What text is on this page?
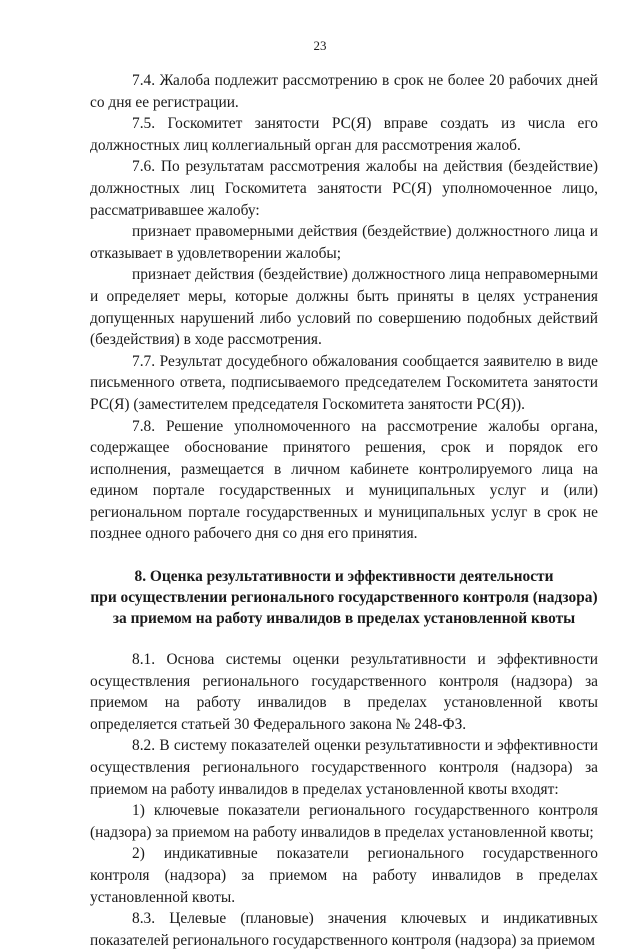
23

7.4. Жалоба подлежит рассмотрению в срок не более 20 рабочих дней со дня ее регистрации.

7.5. Госкомитет занятости РС(Я) вправе создать из числа его должностных лиц коллегиальный орган для рассмотрения жалоб.

7.6. По результатам рассмотрения жалобы на действия (бездействие) должностных лиц Госкомитета занятости РС(Я) уполномоченное лицо, рассматривавшее жалобу:

признает правомерными действия (бездействие) должностного лица и отказывает в удовлетворении жалобы;

признает действия (бездействие) должностного лица неправомерными и определяет меры, которые должны быть приняты в целях устранения допущенных нарушений либо условий по совершению подобных действий (бездействия) в ходе рассмотрения.

7.7. Результат досудебного обжалования сообщается заявителю в виде письменного ответа, подписываемого председателем Госкомитета занятости РС(Я) (заместителем председателя Госкомитета занятости РС(Я)).

7.8. Решение уполномоченного на рассмотрение жалобы органа, содержащее обоснование принятого решения, срок и порядок его исполнения, размещается в личном кабинете контролируемого лица на едином портале государственных и муниципальных услуг и (или) региональном портале государственных и муниципальных услуг в срок не позднее одного рабочего дня со дня его принятия.

8. Оценка результативности и эффективности деятельности
при осуществлении регионального государственного контроля (надзора)
за приемом на работу инвалидов в пределах установленной квоты

8.1. Основа системы оценки результативности и эффективности осуществления регионального государственного контроля (надзора) за приемом на работу инвалидов в пределах установленной квоты определяется статьей 30 Федерального закона № 248-ФЗ.

8.2. В систему показателей оценки результативности и эффективности осуществления регионального государственного контроля (надзора) за приемом на работу инвалидов в пределах установленной квоты входят:

1) ключевые показатели регионального государственного контроля (надзора) за приемом на работу инвалидов в пределах установленной квоты;

2) индикативные показатели регионального государственного контроля (надзора) за приемом на работу инвалидов в пределах установленной квоты.

8.3. Целевые (плановые) значения ключевых и индикативных показателей регионального государственного контроля (надзора) за приемом
